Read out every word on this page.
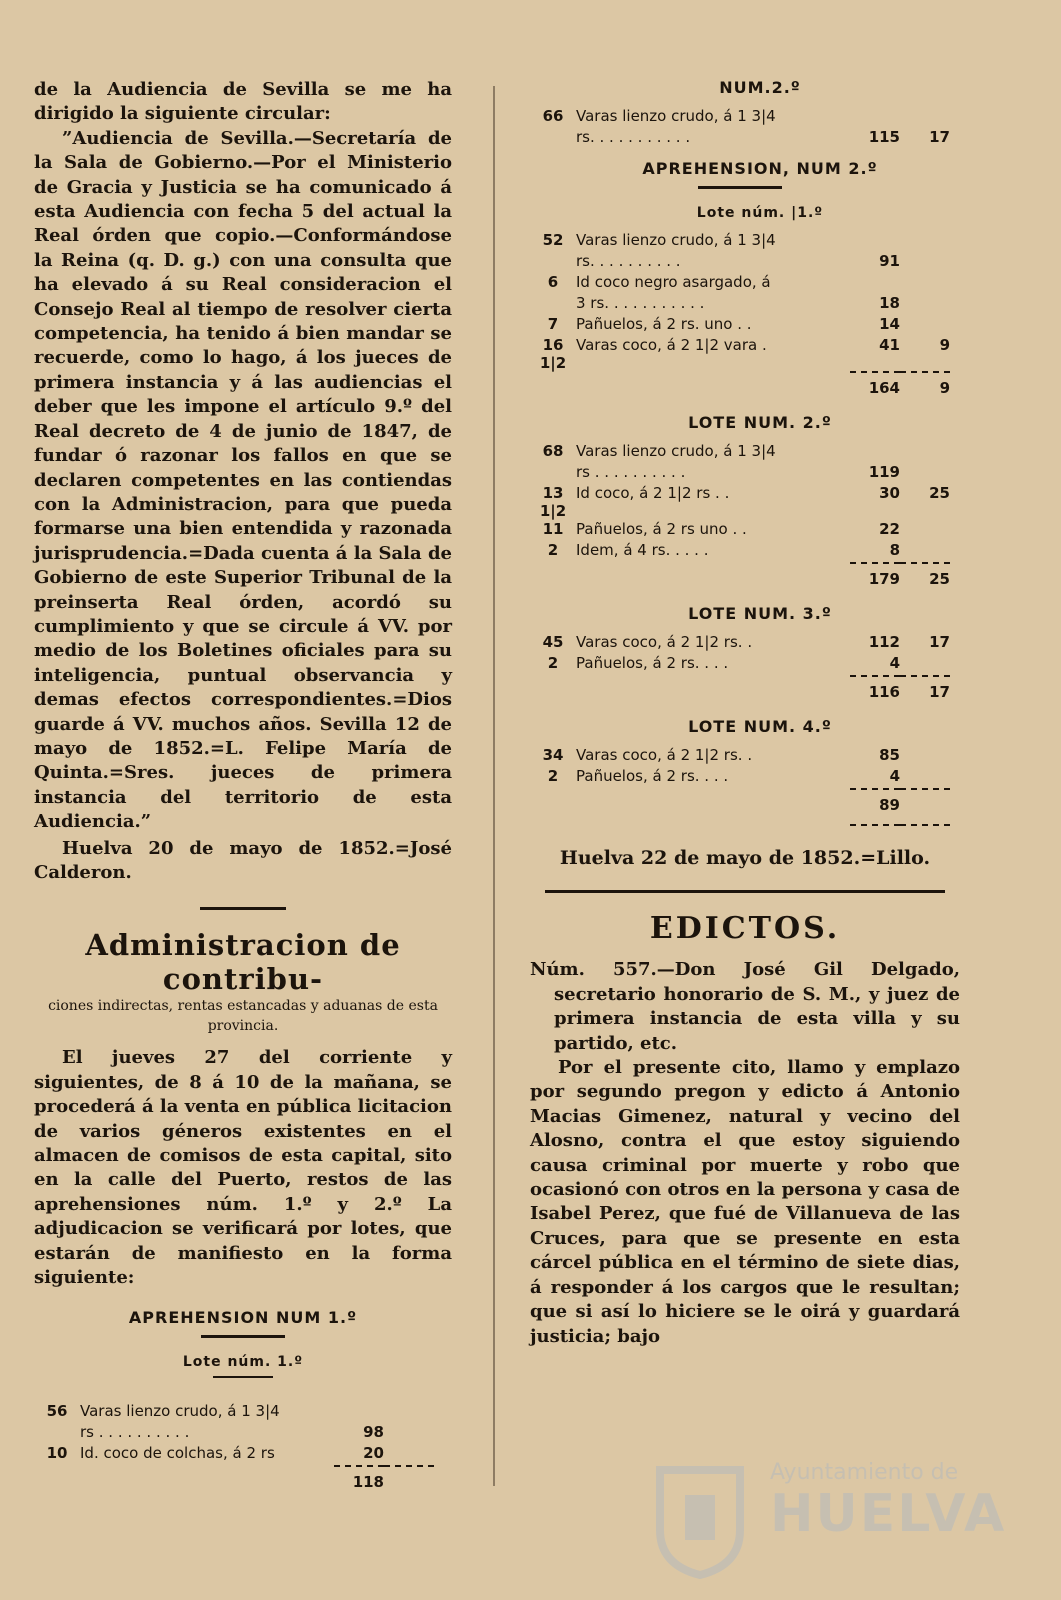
de la Audiencia de Sevilla se me ha dirigido la siguiente circular:

”Audiencia de Sevilla.—Secretaría de la Sala de Gobierno.—Por el Ministerio de Gracia y Justicia se ha comunicado á esta Audiencia con fecha 5 del actual la Real órden que copio.—Conformándose la Reina (q. D. g.) con una consulta que ha elevado á su Real consideracion el Consejo Real al tiempo de resolver cierta competencia, ha tenido á bien mandar se recuerde, como lo hago, á los jueces de primera instancia y á las audiencias el deber que les impone el artículo 9.º del Real decreto de 4 de junio de 1847, de fundar ó razonar los fallos en que se declaren competentes en las contiendas con la Administracion, para que pueda formarse una bien entendida y razonada jurisprudencia.=Dada cuenta á la Sala de Gobierno de este Superior Tribunal de la preinserta Real órden, acordó su cumplimiento y que se circule á VV. por medio de los Boletines oficiales para su inteligencia, puntual observancia y demas efectos correspondientes.=Dios guarde á VV. muchos años. Sevilla 12 de mayo de 1852.=L. Felipe María de Quinta.=Sres. jueces de primera instancia del territorio de esta Audiencia.”

Huelva 20 de mayo de 1852.=José Calderon.

Administracion de contribu-

ciones indirectas, rentas estancadas y aduanas de esta provincia.

El jueves 27 del corriente y siguientes, de 8 á 10 de la mañana, se procederá á la venta en pública licitacion de varios géneros existentes en el almacen de comisos de esta capital, sito en la calle del Puerto, restos de las aprehensiones núm. 1.º y 2.º La adjudicacion se verificará por lotes, que estarán de manifiesto en la forma siguiente:

APREHENSION NUM 1.º
Lote núm. 1.º
56	Varas lienzo crudo, á 1 3|4		
	rs . . . . . . . . . .	98	
10	Id. coco de colchas, á 2 rs	20	
		118	
NUM.2.º
66	Varas lienzo crudo, á 1 3|4		
	rs. . . . . . . . . . .	115	17
APREHENSION, NUM 2.º
Lote núm. |1.º
52	Varas lienzo crudo, á 1 3|4		
	rs. . . . . . . . . .	91	
6	Id coco negro asargado, á		
	3 rs. . . . . . . . . . .	18	
7	Pañuelos, á 2 rs. uno . .	14	
16 1|2	Varas coco, á 2 1|2 vara .	41	9
		164	9
LOTE NUM. 2.º
68	Varas lienzo crudo, á 1 3|4		
	rs . . . . . . . . . .	119	
13 1|2	Id coco, á 2 1|2 rs . .	30	25
11	Pañuelos, á 2 rs uno . .	22	
2	Idem, á 4 rs. . . . .	8	
		179	25
LOTE NUM. 3.º
45	Varas coco, á 2 1|2 rs. .	112	17
2	Pañuelos, á 2 rs. . . .	4	
		116	17
LOTE NUM. 4.º
34	Varas coco, á 2 1|2 rs. .	85	
2	Pañuelos, á 2 rs. . . .	4	
		89	

Huelva 22 de mayo de 1852.=Lillo.

EDICTOS.

Núm. 557.—Don José Gil Delgado, secretario honorario de S. M., y juez de primera instancia de esta villa y su partido, etc.

Por el presente cito, llamo y emplazo por segundo pregon y edicto á Antonio Macias Gimenez, natural y vecino del Alosno, contra el que estoy siguiendo causa criminal por muerte y robo que ocasionó con otros en la persona y casa de Isabel Perez, que fué de Villanueva de las Cruces, para que se presente en esta cárcel pública en el término de siete dias, á responder á los cargos que le resultan; que si así lo hiciere se le oirá y guardará justicia; bajo

Ayuntamiento de
HUELVA
